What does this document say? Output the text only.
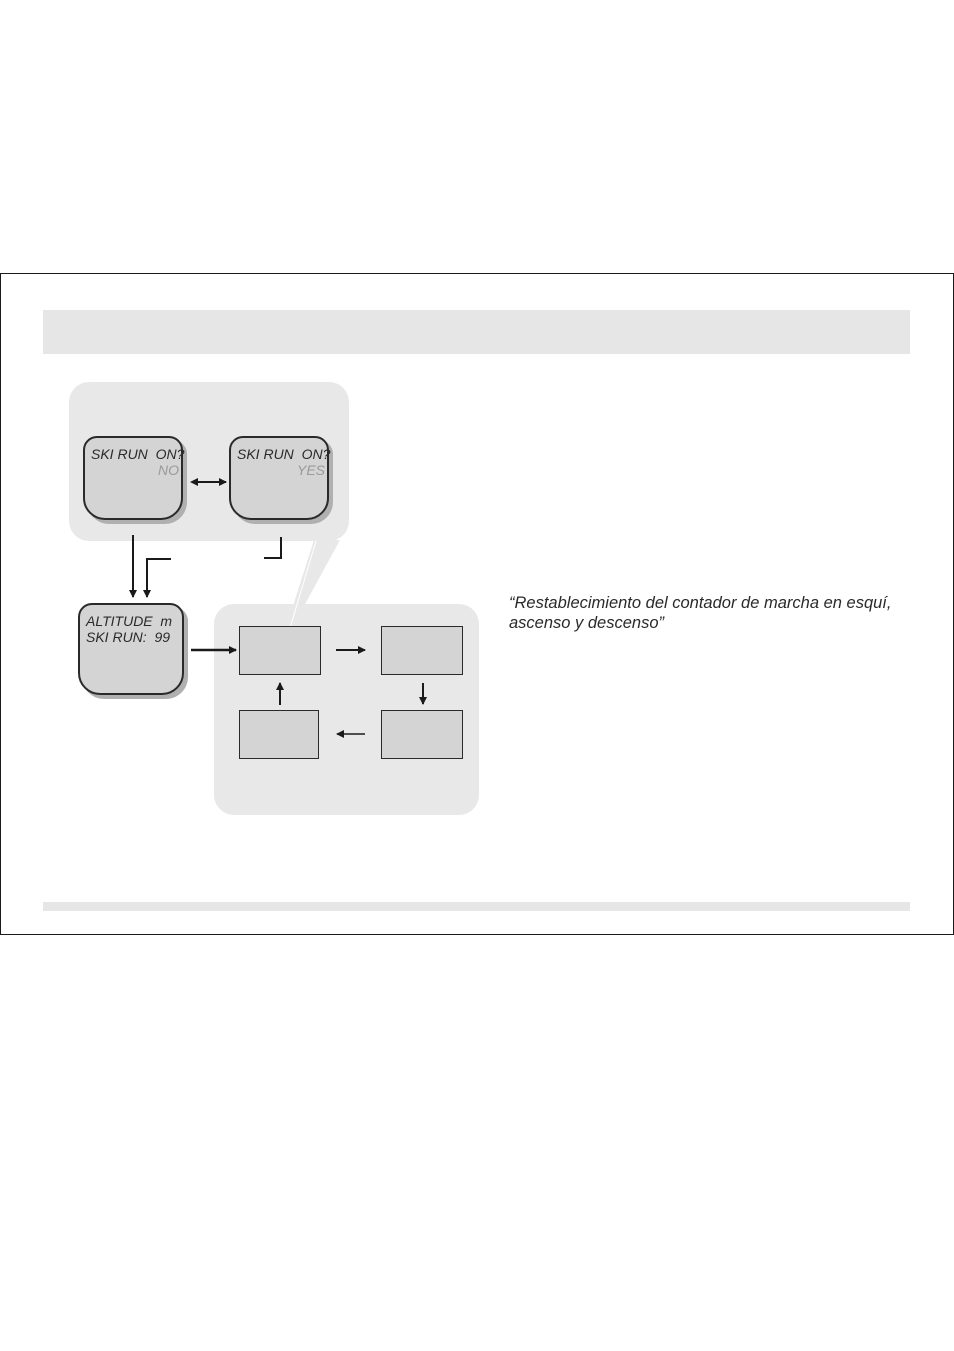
SKI RUN  ON?
NO
SKI RUN  ON?
YES
ALTITUDE  m
SKI RUN:  99
“Restablecimiento del contador de marcha en esquí, ascenso y descenso”
